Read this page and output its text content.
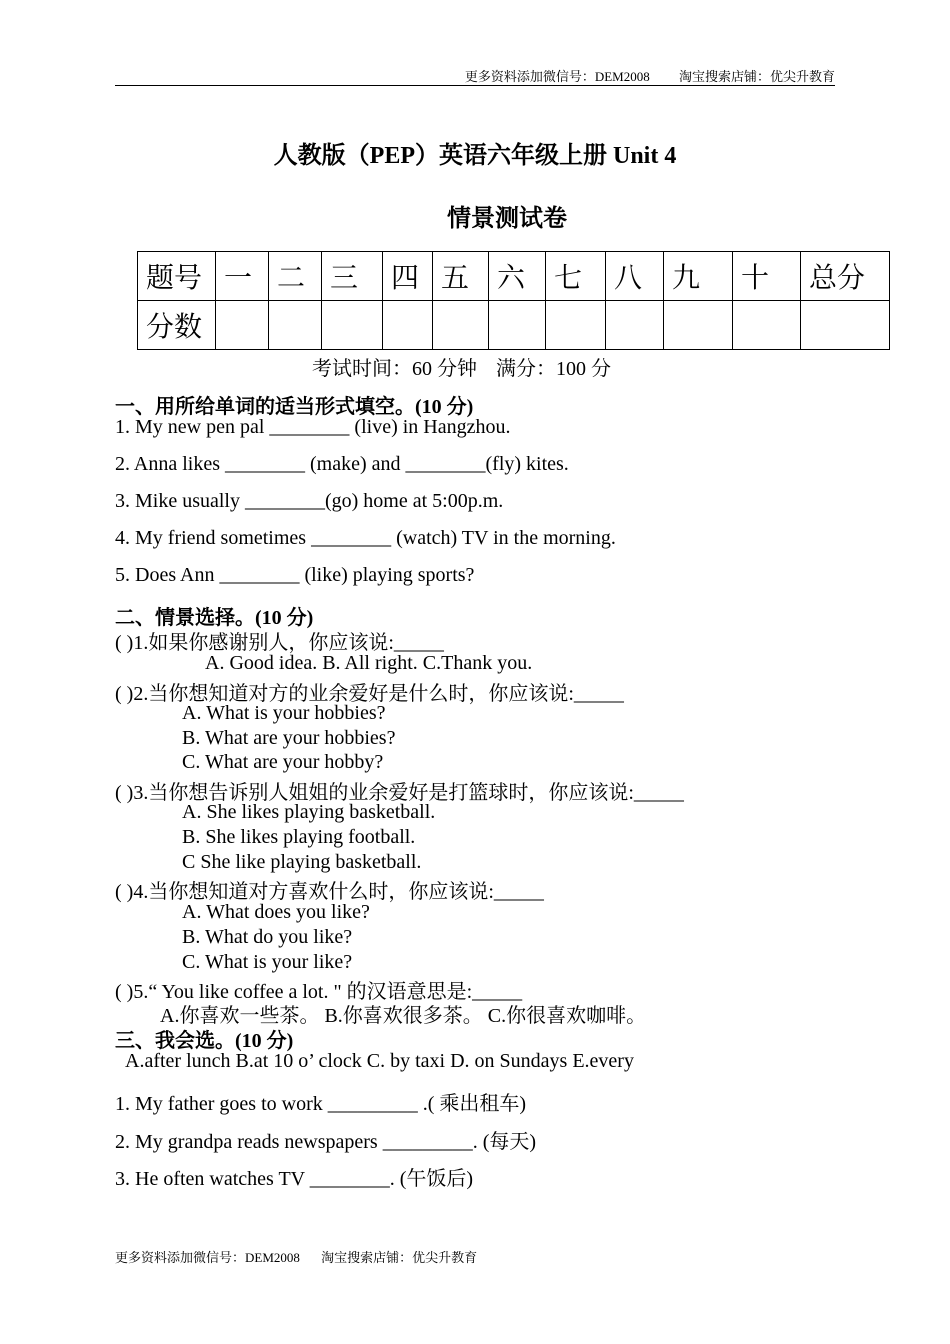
更多资料添加微信号：DEM2008 淘宝搜索店铺：优尖升教育
人教版（PEP）英语六年级上册 Unit 4
情景测试卷
题号	一	二	三	四	五	六	七	八	九	十	总分
分数											
考试时间：60 分钟 满分：100 分
一、用所给单词的适当形式填空。(10 分)
1. My new pen pal ________ (live) in Hangzhou.
2. Anna likes ________ (make) and ________(fly) kites.
3. Mike usually ________(go) home at 5:00p.m.
4. My friend sometimes ________ (watch) TV in the morning.
5. Does Ann ________ (like) playing sports?
二、情景选择。(10 分)
( )1.如果你感谢别人，你应该说:_____
A. Good idea. B. All right. C.Thank you.
( )2.当你想知道对方的业余爱好是什么时，你应该说:_____
A. What is your hobbies?
B. What are your hobbies?
C. What are your hobby?
( )3.当你想告诉别人姐姐的业余爱好是打篮球时，你应该说:_____
A. She likes playing basketball.
B. She likes playing football.
C She like playing basketball.
( )4.当你想知道对方喜欢什么时，你应该说:_____
A. What does you like?
B. What do you like?
C. What is your like?
( )5.“ You like coffee a lot. " 的汉语意思是:_____
A.你喜欢一些茶。 B.你喜欢很多茶。 C.你很喜欢咖啡。
三、我会选。(10 分)
A.after lunch B.at 10 o’ clock C. by taxi D. on Sundays E.every
1. My father goes to work _________ .( 乘出租车)
2. My grandpa reads newspapers _________. (每天)
3. He often watches TV ________. (午饭后)
更多资料添加微信号：DEM2008 淘宝搜索店铺：优尖升教育
